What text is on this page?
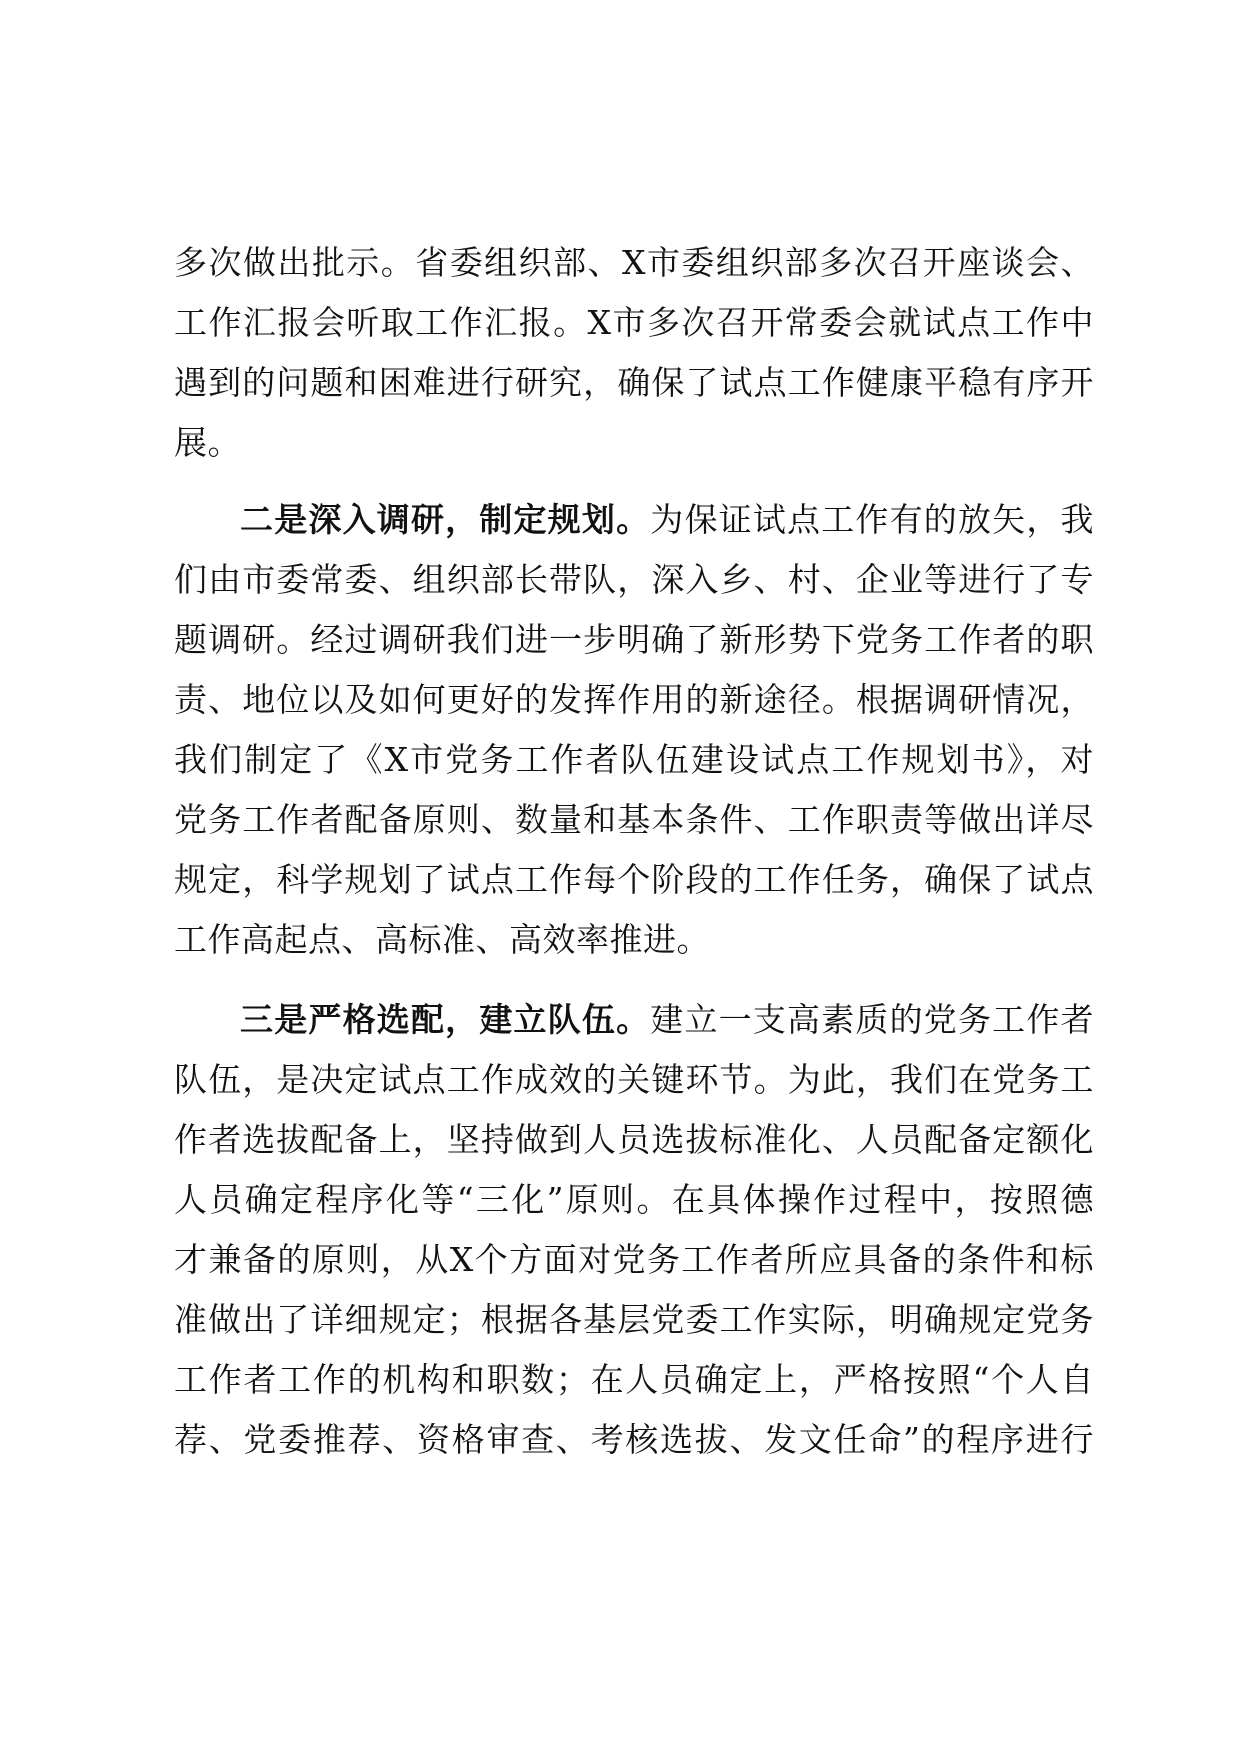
多次做出批示。省委组织部、X市委组织部多次召开座谈会、
工作汇报会听取工作汇报。X市多次召开常委会就试点工作中
遇到的问题和困难进行研究，确保了试点工作健康平稳有序开
展。
二是深入调研，制定规划。为保证试点工作有的放矢，我
们由市委常委、组织部长带队，深入乡、村、企业等进行了专
题调研。经过调研我们进一步明确了新形势下党务工作者的职
责、地位以及如何更好的发挥作用的新途径。根据调研情况，
我们制定了《X市党务工作者队伍建设试点工作规划书》，对
党务工作者配备原则、数量和基本条件、工作职责等做出详尽
规定，科学规划了试点工作每个阶段的工作任务，确保了试点
工作高起点、高标准、高效率推进。
三是严格选配，建立队伍。建立一支高素质的党务工作者
队伍，是决定试点工作成效的关键环节。为此，我们在党务工
作者选拔配备上，坚持做到人员选拔标准化、人员配备定额化
人员确定程序化等“三化”原则。在具体操作过程中，按照德
才兼备的原则，从X个方面对党务工作者所应具备的条件和标
准做出了详细规定；根据各基层党委工作实际，明确规定党务
工作者工作的机构和职数；在人员确定上，严格按照“个人自
荐、党委推荐、资格审查、考核选拔、发文任命”的程序进行
